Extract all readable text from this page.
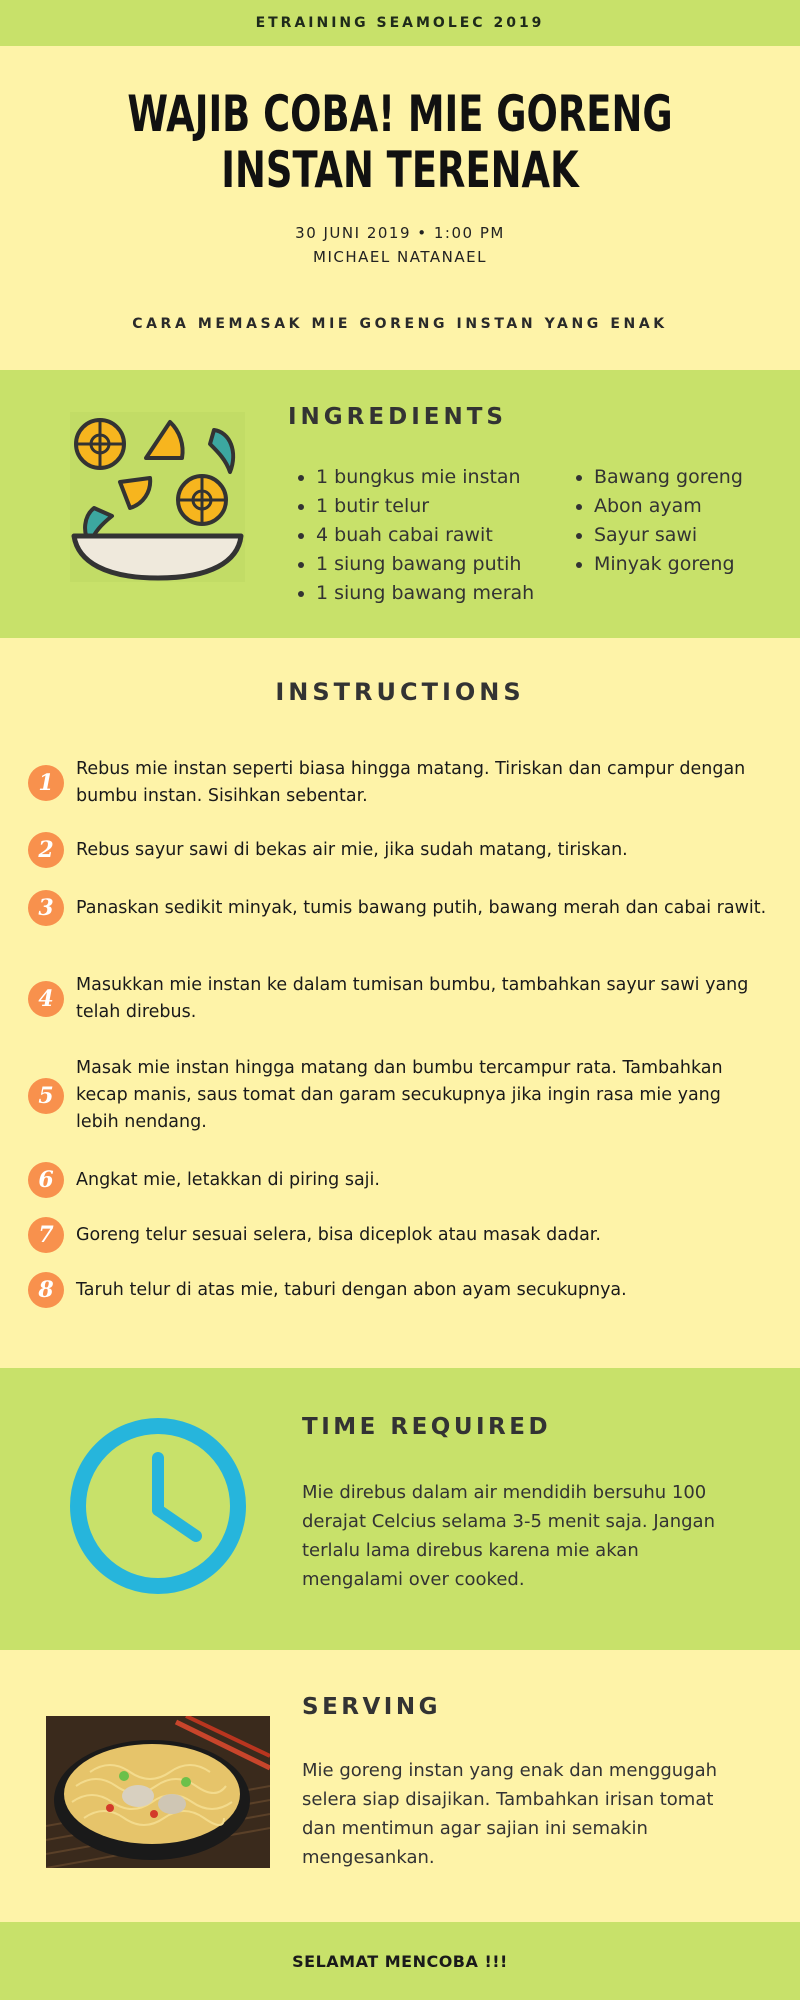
ETRAINING SEAMOLEC 2019
WAJIB COBA! MIE GORENG
INSTAN TERENAK
30 JUNI 2019 • 1:00 PM
MICHAEL NATANAEL
CARA MEMASAK MIE GORENG INSTAN YANG ENAK
INGREDIENTS
1 bungkus mie instan
1 butir telur
4 buah cabai rawit
1 siung bawang putih
1 siung bawang merah
Bawang goreng
Abon ayam
Sayur sawi
Minyak goreng
INSTRUCTIONS
1
Rebus mie instan seperti biasa hingga matang. Tiriskan dan campur dengan bumbu instan. Sisihkan sebentar.
2	Rebus sayur sawi di bekas air mie, jika sudah matang, tiriskan.
3	Panaskan sedikit minyak, tumis bawang putih, bawang merah dan cabai rawit.
4
Masukkan mie instan ke dalam tumisan bumbu, tambahkan sayur sawi yang telah direbus.
5
Masak mie instan hingga matang dan bumbu tercampur rata. Tambahkan kecap manis, saus tomat dan garam secukupnya jika ingin rasa mie yang lebih nendang.
6	Angkat mie, letakkan di piring saji.
7	Goreng telur sesuai selera, bisa diceplok atau masak dadar.
8	Taruh telur di atas mie, taburi dengan abon ayam secukupnya.
TIME REQUIRED

Mie direbus dalam air mendidih bersuhu 100 derajat Celcius selama 3-5 menit saja. Jangan terlalu lama direbus karena mie akan mengalami over cooked.

SERVING

Mie goreng instan yang enak dan menggugah selera siap disajikan. Tambahkan irisan tomat dan mentimun agar sajian ini semakin mengesankan.

SELAMAT MENCOBA !!!
